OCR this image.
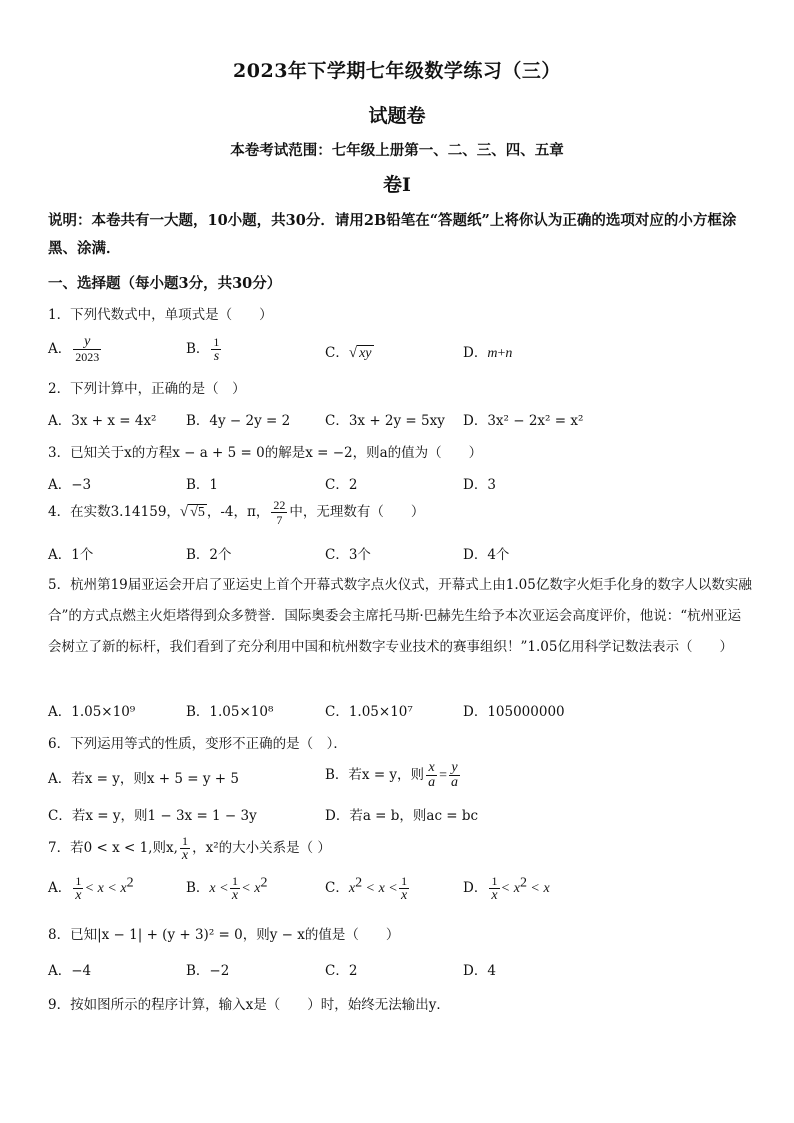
2023年下学期七年级数学练习（三）
试题卷
本卷考试范围：七年级上册第一、二、三、四、五章
卷Ⅰ
说明：本卷共有一大题，10小题，共30分．请用2B铅笔在“答题纸”上将你认为正确的选项对应的小方框涂黑、涂满．
一、选择题（每小题3分，共30分）
1．下列代数式中，单项式是（　　）
A． $\frac{y}{2023}$	B． $\frac{1}{s}$	C．√ xy	D．m+n
2．下列计算中，正确的是（　）
A．3x + x = 4x² B．4y − 2y = 2	C．3x + 2y = 5xy D．3x² − 2x² = x²
3．已知关于x的方程x − a + 5 = 0的解是x = −2，则a的值为（　　）
A．−3	B．1	C．2	D．3
4．在实数3.14159，√ √5 ，-4，π， $\frac{22}{7}$ 中，无理数有（　　）
A．1个	B．2个	C．3个	D．4个
5．杭州第19届亚运会开启了亚运史上首个开幕式数字点火仪式，开幕式上由1.05亿数字火炬手化身的数字人以数实融合”的方式点燃主火炬塔得到众多赞誉．国际奥委会主席托马斯·巴赫先生给予本次亚运会高度评价，他说：“杭州亚运会树立了新的标杆，我们看到了充分利用中国和杭州数字专业技术的赛事组织！”1.05亿用科学记数法表示（　　）
A．1.05×10⁹	B．1.05×10⁸	C．1.05×10⁷	D．105000000
6．下列运用等式的性质，变形不正确的是（　）．
A．若x = y，则x + 5 = y + 5	B．若x = y，则 $\frac{x}{a} = \frac{y}{a}$
C．若x = y，则1 − 3x = 1 − 3y	D．若a = b，则ac = bc
7．若0 < x < 1,则x, $\frac{1}{x}$ ，x²的大小关系是（ ）
A． $\frac{1}{x} < x < x^2$	B．$x < \frac{1}{x} < x^2$	C．$x^2 < x < \frac{1}{x}$	D． $\frac{1}{x} < x^2 < x$
8．已知|x − 1| + (y + 3)² = 0，则y − x的值是（　　）
A．−4	B．−2	C．2	D．4
9．按如图所示的程序计算，输入x是（　　）时，始终无法输出y．
